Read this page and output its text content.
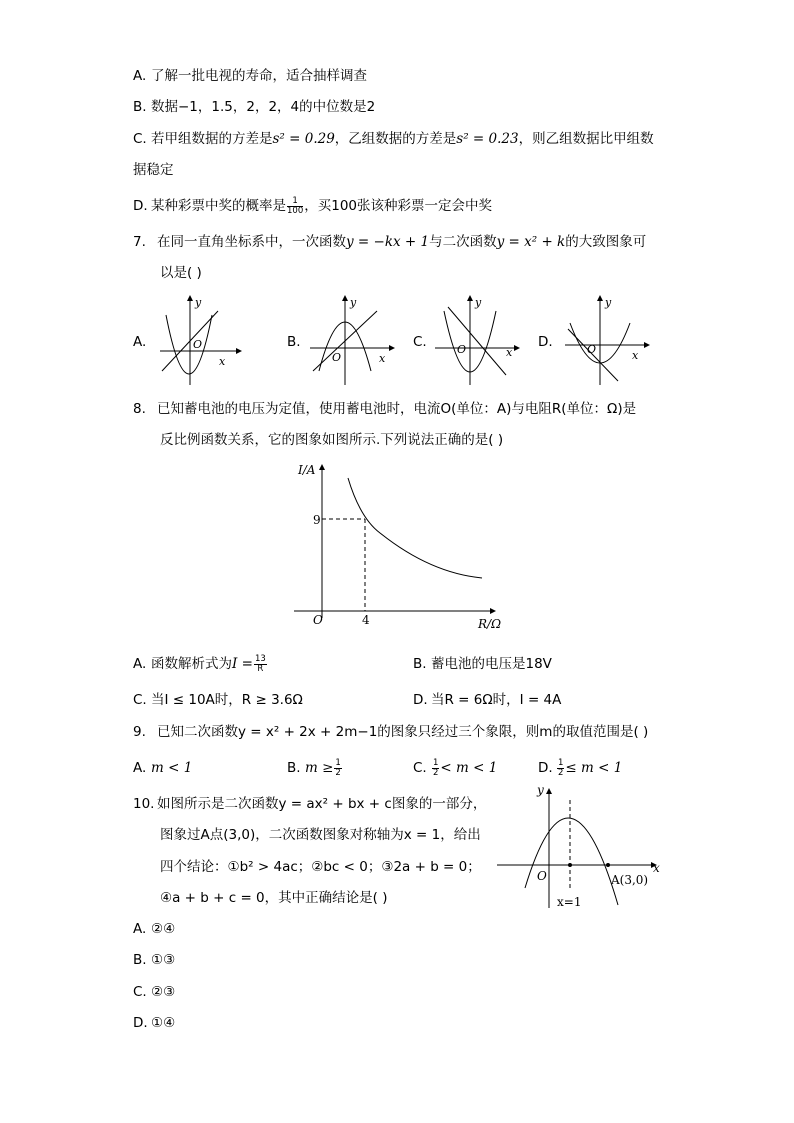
A. 了解一批电视的寿命，适合抽样调查
B. 数据−1，1.5，2，2，4的中位数是2
C. 若甲组数据的方差是s² = 0.29，乙组数据的方差是s² = 0.23，则乙组数据比甲组数
据稳定
D. 某种彩票中奖的概率是 $\frac{1}{100}$ ，买100张该种彩票一定会中奖
7. 在同一直角坐标系中，一次函数y = −kx + 1与二次函数y = x² + k的大致图象可
以是( )
A.
y
x
O	B.
y
x
O
C.
y
x
O	D.
y
x
O
8. 已知蓄电池的电压为定值，使用蓄电池时，电流O(单位：A)与电阻R(单位：Ω)是
反比例函数关系，它的图象如图所示.下列说法正确的是( )
I/A
R/Ω
O
9
4
A. 函数解析式为$I = \frac{13}{R}$	B. 蓄电池的电压是18V
C. 当I ≤ 10A时，R ≥ 3.6Ω	D. 当R = 6Ω时，I = 4A
9. 已知二次函数y = x² + 2x + 2m−1的图象只经过三个象限，则m的取值范围是( )
A. m < 1	B. $m \ge \frac{1}{2}$	C. $\frac{1}{2} < m < 1$	D. $\frac{1}{2} \le m < 1$
10. 如图所示是二次函数y = ax² + bx + c图象的一部分，
图象过A点(3,0)，二次函数图象对称轴为x = 1，给出
四个结论：①b² > 4ac；②bc < 0；③2a + b = 0；
④a + b + c = 0，其中正确结论是( )
y
x
O	A(3,0)
x=1
A. ②④
B. ①③
C. ②③
D. ①④
